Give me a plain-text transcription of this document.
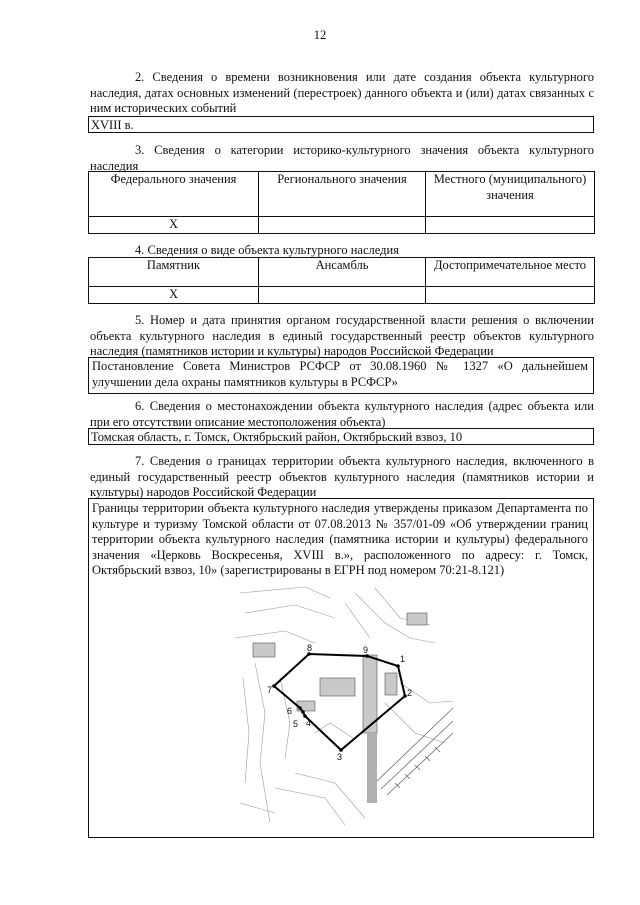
12
2. Сведения о времени возникновения или дате создания объекта культурного наследия, датах основных изменений (перестроек) данного объекта и (или) датах связанных с ним исторических событий
XVIII в.
3. Сведения о категории историко-культурного значения объекта культурного наследия
Федерального значения	Регионального значения	Местного (муниципального) значения
X		
4. Сведения о виде объекта культурного наследия
Памятник	Ансамбль	Достопримечательное место
X		
5. Номер и дата принятия органом государственной власти решения о включении объекта культурного наследия в единый государственный реестр объектов культурного наследия (памятников истории и культуры) народов Российской Федерации
Постановление Совета Министров РСФСР от 30.08.1960 № 1327 «О дальнейшем улучшении дела охраны памятников культуры в РСФСР»
6. Сведения о местонахождении объекта культурного наследия (адрес объекта или при его отсутствии описание местоположения объекта)
Томская область, г. Томск, Октябрьский район, Октябрьский взвоз, 10
7. Сведения о границах территории объекта культурного наследия, включенного в единый государственный реестр объектов культурного наследия (памятников истории и культуры) народов Российской Федерации
Границы территории объекта культурного наследия утверждены приказом Департамента по культуре и туризму Томской области от 07.08.2013 № 357/01-09 «Об утверждении границ территории объекта культурного наследия (памятника истории и культуры) федерального значения «Церковь Воскресенья, XVIII в.», расположенного по адресу: г. Томск, Октябрьский взвоз, 10» (зарегистрированы в ЕГРН под номером 70:21-8.121)
1
2
3
4
5
6
7
8	9
